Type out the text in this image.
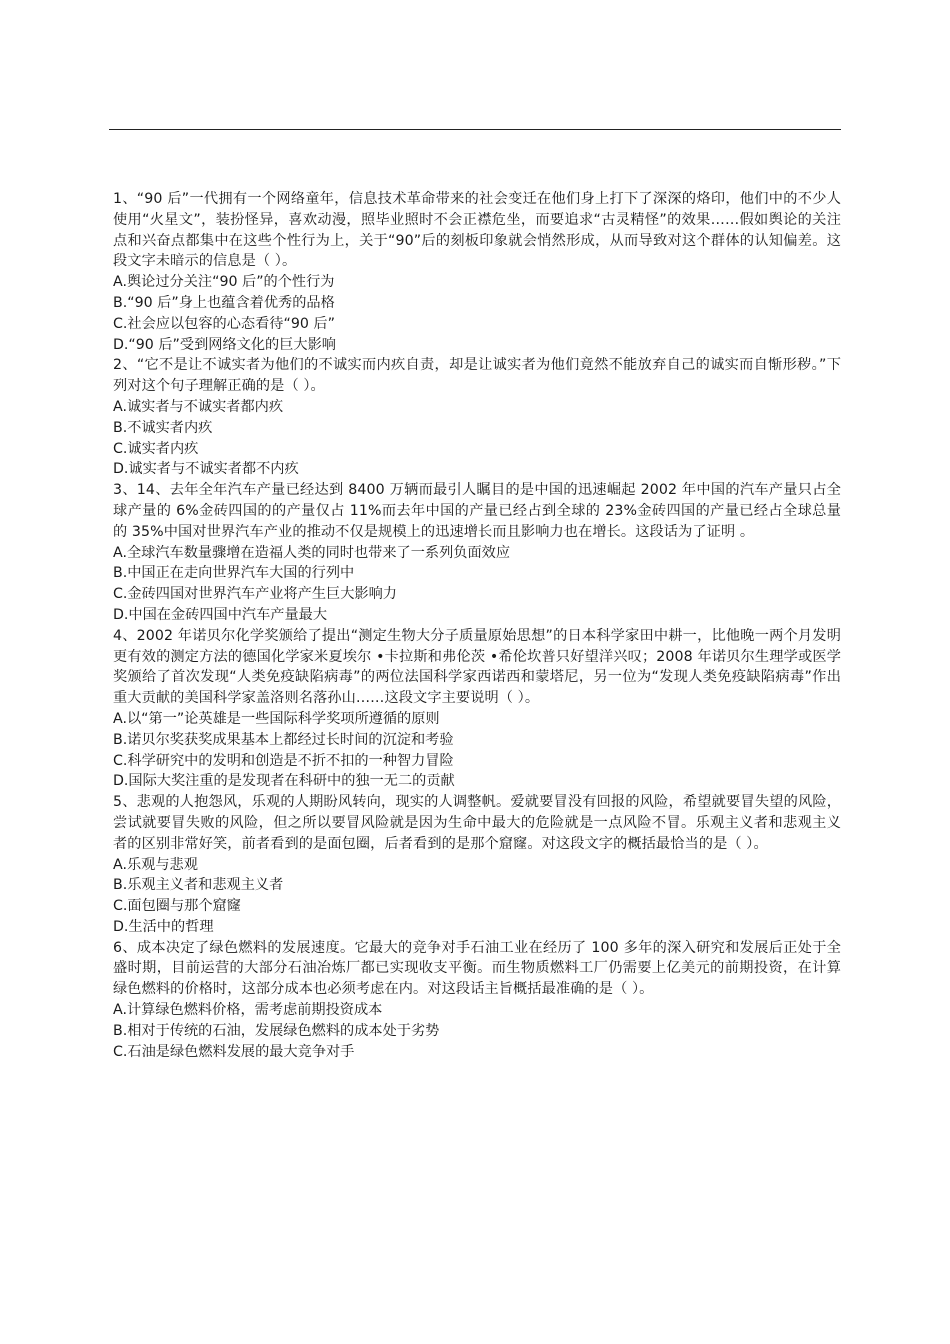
1、“90 后”一代拥有一个网络童年，信息技术革命带来的社会变迁在他们身上打下了深深的烙印，他们中的不少人使用“火星文”，装扮怪异，喜欢动漫，照毕业照时不会正襟危坐，而要追求“古灵精怪”的效果……假如舆论的关注点和兴奋点都集中在这些个性行为上，关于“90”后的刻板印象就会悄然形成，从而导致对这个群体的认知偏差。这段文字未暗示的信息是（ ）。

A.舆论过分关注“90 后”的个性行为

B.“90 后”身上也蕴含着优秀的品格

C.社会应以包容的心态看待“90 后”

D.“90 后”受到网络文化的巨大影响

2、“它不是让不诚实者为他们的不诚实而内疚自责，却是让诚实者为他们竟然不能放弃自己的诚实而自惭形秽。”下列对这个句子理解正确的是（ ）。

A.诚实者与不诚实者都内疚

B.不诚实者内疚

C.诚实者内疚

D.诚实者与不诚实者都不内疚

3、14、去年全年汽车产量已经达到 8400 万辆而最引人瞩目的是中国的迅速崛起 2002 年中国的汽车产量只占全球产量的 6%金砖四国的的产量仅占 11%而去年中国的产量已经占到全球的 23%金砖四国的产量已经占全球总量的 35%中国对世界汽车产业的推动不仅是规模上的迅速增长而且影响力也在增长。这段话为了证明 。

A.全球汽车数量骤增在造福人类的同时也带来了一系列负面效应

B.中国正在走向世界汽车大国的行列中

C.金砖四国对世界汽车产业将产生巨大影响力

D.中国在金砖四国中汽车产量最大

4、2002 年诺贝尔化学奖颁给了提出“测定生物大分子质量原始思想”的日本科学家田中耕一，比他晚一两个月发明更有效的测定方法的德国化学家米夏埃尔 •卡拉斯和弗伦茨 •希伦坎普只好望洋兴叹；2008 年诺贝尔生理学或医学奖颁给了首次发现“人类免疫缺陷病毒”的两位法国科学家西诺西和蒙塔尼，另一位为“发现人类免疫缺陷病毒”作出重大贡献的美国科学家盖洛则名落孙山……这段文字主要说明（ ）。

A.以“第一”论英雄是一些国际科学奖项所遵循的原则

B.诺贝尔奖获奖成果基本上都经过长时间的沉淀和考验

C.科学研究中的发明和创造是不折不扣的一种智力冒险

D.国际大奖注重的是发现者在科研中的独一无二的贡献

5、悲观的人抱怨风，乐观的人期盼风转向，现实的人调整帆。爱就要冒没有回报的风险，希望就要冒失望的风险，尝试就要冒失败的风险，但之所以要冒风险就是因为生命中最大的危险就是一点风险不冒。乐观主义者和悲观主义者的区别非常好笑，前者看到的是面包圈，后者看到的是那个窟窿。对这段文字的概括最恰当的是（ ）。

A.乐观与悲观

B.乐观主义者和悲观主义者

C.面包圈与那个窟窿

D.生活中的哲理

6、成本决定了绿色燃料的发展速度。它最大的竞争对手石油工业在经历了 100 多年的深入研究和发展后正处于全盛时期，目前运营的大部分石油冶炼厂都已实现收支平衡。而生物质燃料工厂仍需要上亿美元的前期投资，在计算绿色燃料的价格时，这部分成本也必须考虑在内。对这段话主旨概括最准确的是（ ）。

A.计算绿色燃料价格，需考虑前期投资成本

B.相对于传统的石油，发展绿色燃料的成本处于劣势

C.石油是绿色燃料发展的最大竞争对手
